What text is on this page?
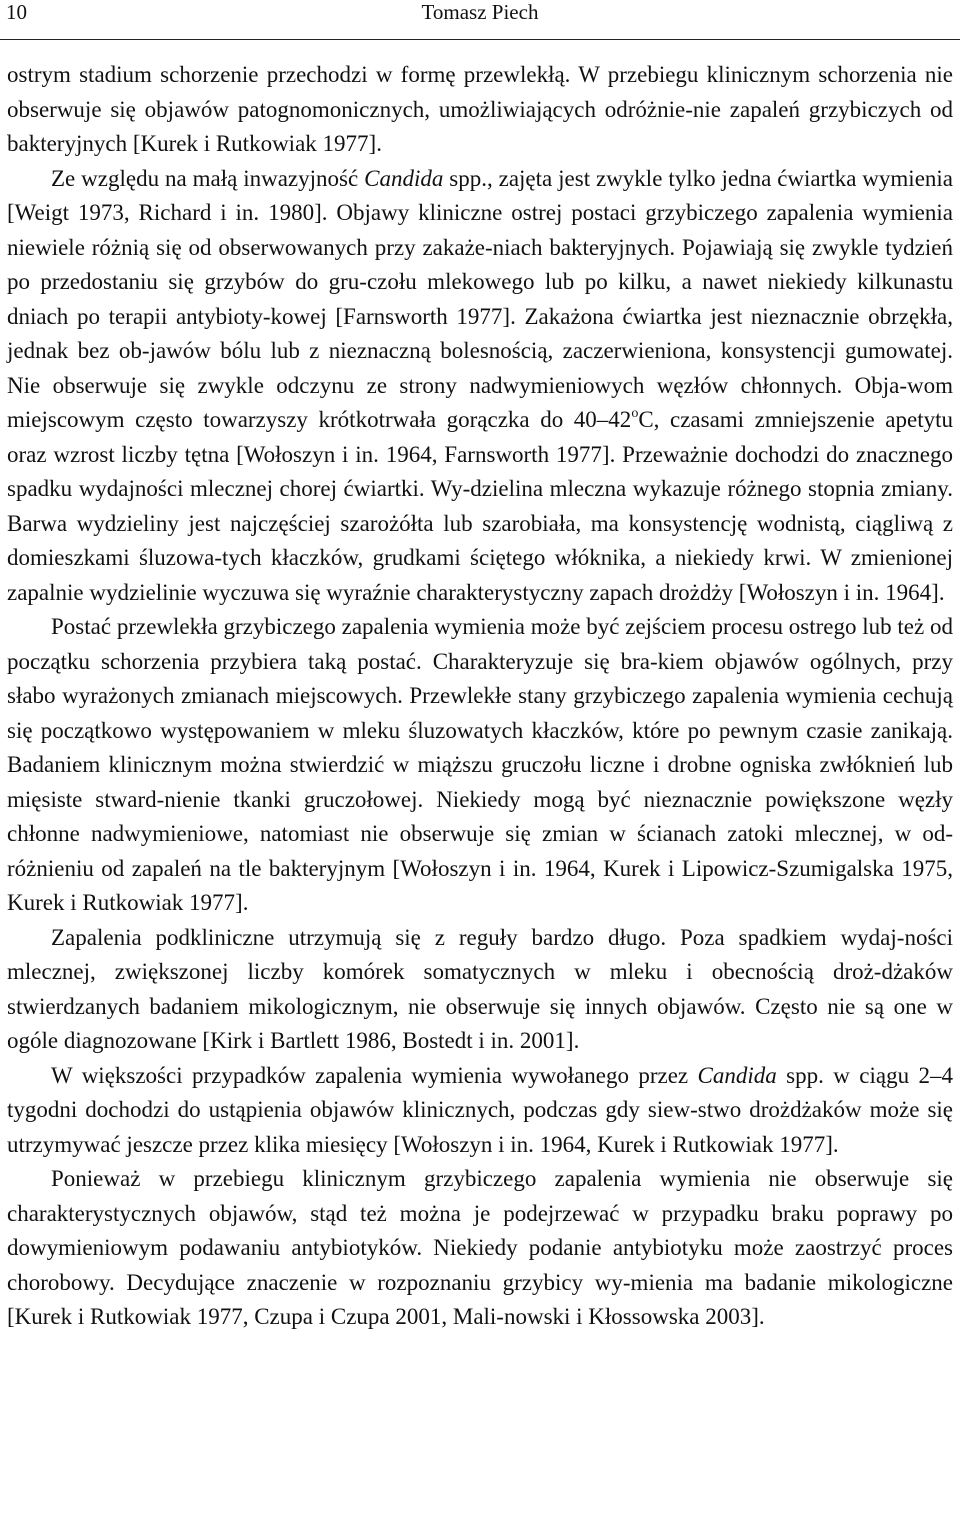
10	Tomasz Piech

ostrym stadium schorzenie przechodzi w formę przewlekłą. W przebiegu klinicznym schorzenia nie obserwuje się objawów patognomonicznych, umożliwiających odróżnie-nie zapaleń grzybiczych od bakteryjnych [Kurek i Rutkowiak 1977].

Ze względu na małą inwazyjność Candida spp., zajęta jest zwykle tylko jedna ćwiartka wymienia [Weigt 1973, Richard i in. 1980]. Objawy kliniczne ostrej postaci grzybiczego zapalenia wymienia niewiele różnią się od obserwowanych przy zakaże-niach bakteryjnych. Pojawiają się zwykle tydzień po przedostaniu się grzybów do gru-czołu mlekowego lub po kilku, a nawet niekiedy kilkunastu dniach po terapii antybioty-kowej [Farnsworth 1977]. Zakażona ćwiartka jest nieznacznie obrzękła, jednak bez ob-jawów bólu lub z nieznaczną bolesnością, zaczerwieniona, konsystencji gumowatej. Nie obserwuje się zwykle odczynu ze strony nadwymieniowych węzłów chłonnych. Obja-wom miejscowym często towarzyszy krótkotrwała gorączka do 40–42$^o$C, czasami zmniejszenie apetytu oraz wzrost liczby tętna [Wołoszyn i in. 1964, Farnsworth 1977]. Przeważnie dochodzi do znacznego spadku wydajności mlecznej chorej ćwiartki. Wy-dzielina mleczna wykazuje różnego stopnia zmiany. Barwa wydzieliny jest najczęściej szarożółta lub szarobiała, ma konsystencję wodnistą, ciągliwą z domieszkami śluzowa-tych kłaczków, grudkami ściętego włóknika, a niekiedy krwi. W zmienionej zapalnie wydzielinie wyczuwa się wyraźnie charakterystyczny zapach drożdży [Wołoszyn i in. 1964].

Postać przewlekła grzybiczego zapalenia wymienia może być zejściem procesu ostrego lub też od początku schorzenia przybiera taką postać. Charakteryzuje się bra-kiem objawów ogólnych, przy słabo wyrażonych zmianach miejscowych. Przewlekłe stany grzybiczego zapalenia wymienia cechują się początkowo występowaniem w mleku śluzowatych kłaczków, które po pewnym czasie zanikają. Badaniem klinicznym można stwierdzić w miąższu gruczołu liczne i drobne ogniska zwłóknień lub mięsiste stward-nienie tkanki gruczołowej. Niekiedy mogą być nieznacznie powiększone węzły chłonne nadwymieniowe, natomiast nie obserwuje się zmian w ścianach zatoki mlecznej, w od-różnieniu od zapaleń na tle bakteryjnym [Wołoszyn i in. 1964, Kurek i Lipowicz-Szumigalska 1975, Kurek i Rutkowiak 1977].

Zapalenia podkliniczne utrzymują się z reguły bardzo długo. Poza spadkiem wydaj-ności mlecznej, zwiększonej liczby komórek somatycznych w mleku i obecnością droż-dżaków stwierdzanych badaniem mikologicznym, nie obserwuje się innych objawów. Często nie są one w ogóle diagnozowane [Kirk i Bartlett 1986, Bostedt i in. 2001].

W większości przypadków zapalenia wymienia wywołanego przez Candida spp. w ciągu 2–4 tygodni dochodzi do ustąpienia objawów klinicznych, podczas gdy siew-stwo drożdżaków może się utrzymywać jeszcze przez klika miesięcy [Wołoszyn i in. 1964, Kurek i Rutkowiak 1977].

Ponieważ w przebiegu klinicznym grzybiczego zapalenia wymienia nie obserwuje się charakterystycznych objawów, stąd też można je podejrzewać w przypadku braku poprawy po dowymieniowym podawaniu antybiotyków. Niekiedy podanie antybiotyku może zaostrzyć proces chorobowy. Decydujące znaczenie w rozpoznaniu grzybicy wy-mienia ma badanie mikologiczne [Kurek i Rutkowiak 1977, Czupa i Czupa 2001, Mali-nowski i Kłossowska 2003].
